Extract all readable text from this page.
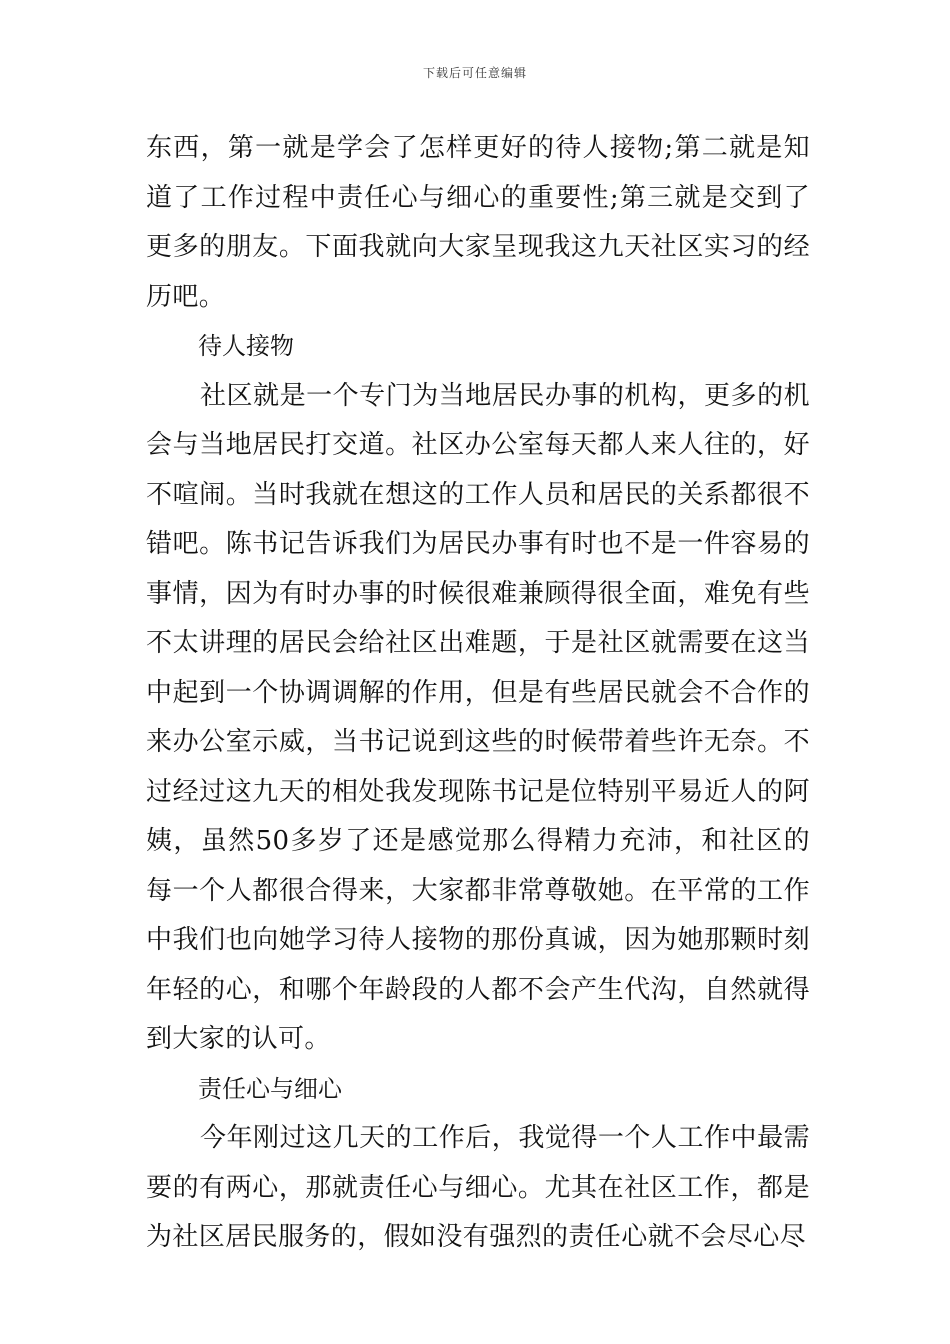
下载后可任意编辑

东西，第一就是学会了怎样更好的待人接物;第二就是知道了工作过程中责任心与细心的重要性;第三就是交到了更多的朋友。下面我就向大家呈现我这九天社区实习的经历吧。

待人接物

社区就是一个专门为当地居民办事的机构，更多的机会与当地居民打交道。社区办公室每天都人来人往的，好不喧闹。当时我就在想这的工作人员和居民的关系都很不错吧。陈书记告诉我们为居民办事有时也不是一件容易的事情，因为有时办事的时候很难兼顾得很全面，难免有些不太讲理的居民会给社区出难题，于是社区就需要在这当中起到一个协调调解的作用，但是有些居民就会不合作的来办公室示威，当书记说到这些的时候带着些许无奈。不过经过这九天的相处我发现陈书记是位特别平易近人的阿姨，虽然50多岁了还是感觉那么得精力充沛，和社区的每一个人都很合得来，大家都非常尊敬她。在平常的工作中我们也向她学习待人接物的那份真诚，因为她那颗时刻年轻的心，和哪个年龄段的人都不会产生代沟，自然就得到大家的认可。

责任心与细心

今年刚过这几天的工作后，我觉得一个人工作中最需要的有两心，那就责任心与细心。尤其在社区工作，都是为社区居民服务的，假如没有强烈的责任心就不会尽心尽
